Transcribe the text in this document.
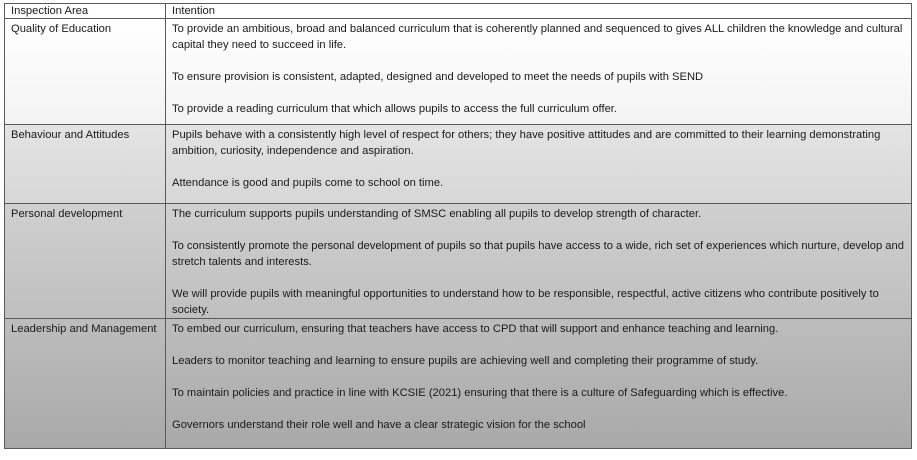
Inspection Area	Intention
Quality of Education	To provide an ambitious, broad and balanced curriculum that is coherently planned and sequenced to gives ALL children the knowledge and cultural capital they need to succeed in life.

To ensure provision is consistent, adapted, designed and developed to meet the needs of pupils with SEND

To provide a reading curriculum that which allows pupils to access the full curriculum offer.

Behaviour and Attitudes	Pupils behave with a consistently high level of respect for others; they have positive attitudes and are committed to their learning demonstrating ambition, curiosity, independence and aspiration.

Attendance is good and pupils come to school on time.

Personal development	The curriculum supports pupils understanding of SMSC enabling all pupils to develop strength of character.

To consistently promote the personal development of pupils so that pupils have access to a wide, rich set of experiences which nurture, develop and stretch talents and interests.

We will provide pupils with meaningful opportunities to understand how to be responsible, respectful, active citizens who contribute positively to society.

Leadership and Management	To embed our curriculum, ensuring that teachers have access to CPD that will support and enhance teaching and learning.

Leaders to monitor teaching and learning to ensure pupils are achieving well and completing their programme of study.

To maintain policies and practice in line with KCSIE (2021) ensuring that there is a culture of Safeguarding which is effective.

Governors understand their role well and have a clear strategic vision for the school
